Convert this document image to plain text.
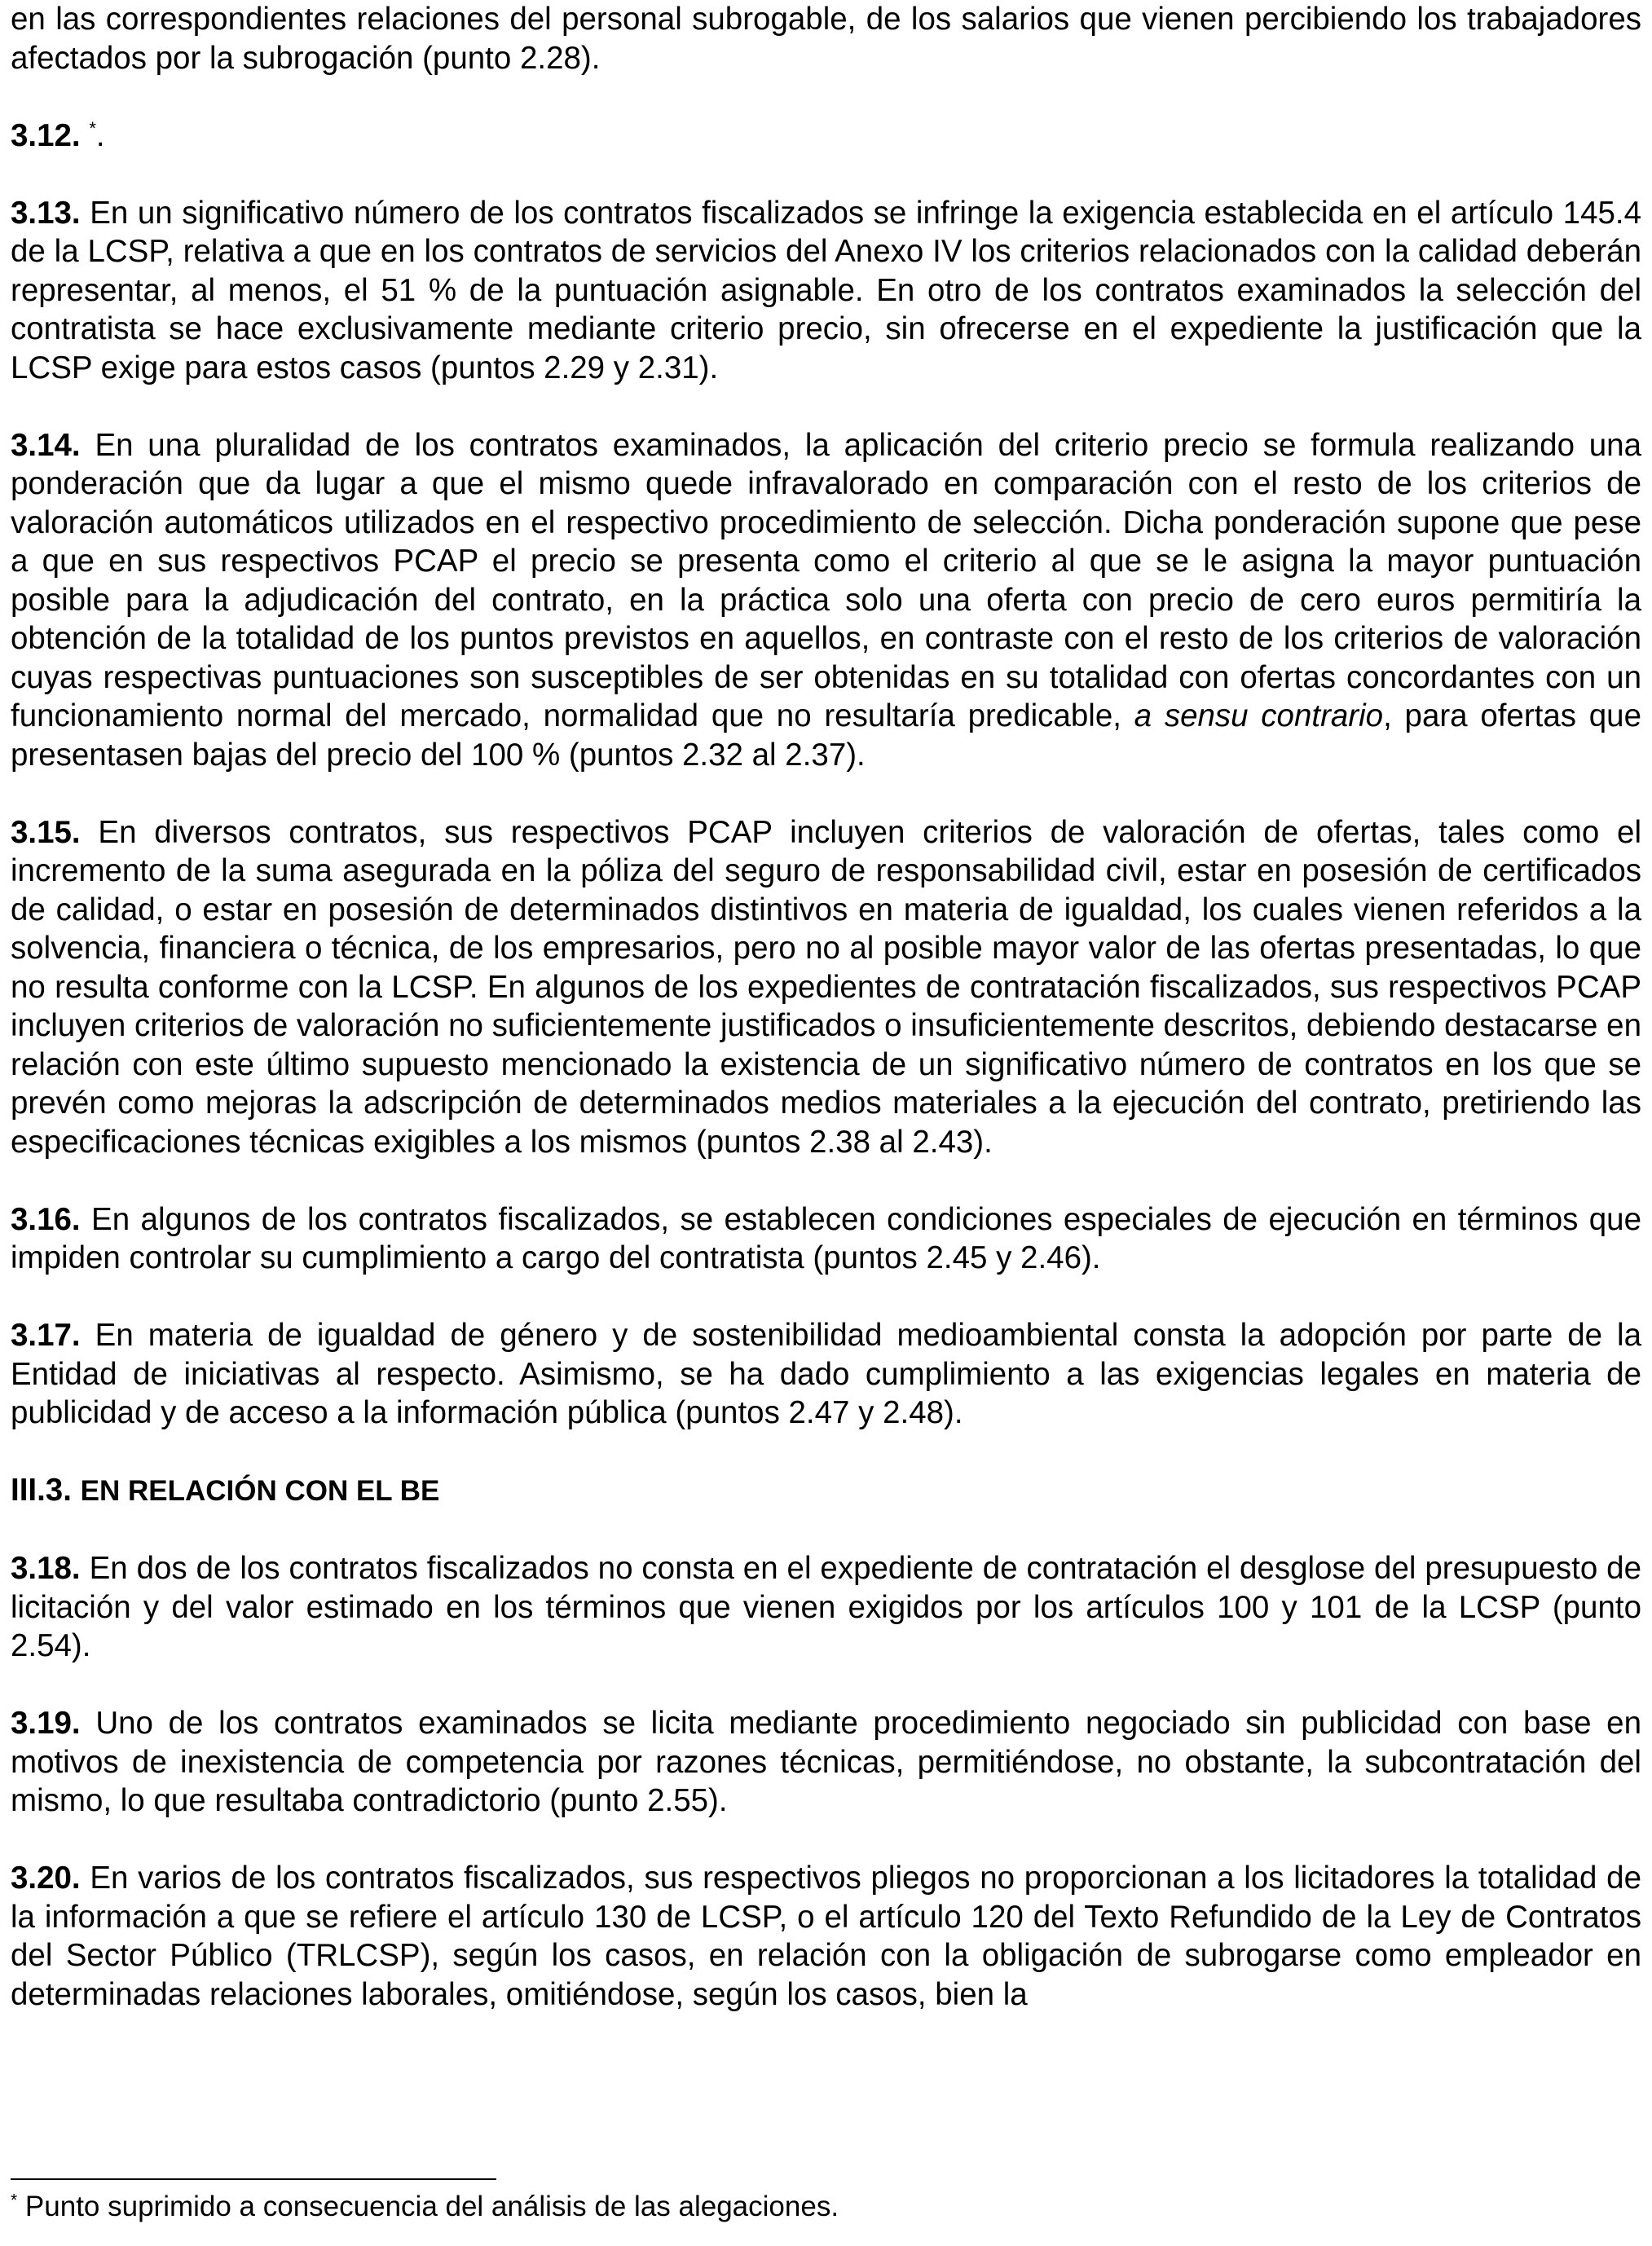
en las correspondientes relaciones del personal subrogable, de los salarios que vienen percibiendo los trabajadores afectados por la subrogación (punto 2.28).

3.12. *.

3.13. En un significativo número de los contratos fiscalizados se infringe la exigencia establecida en el artículo 145.4 de la LCSP, relativa a que en los contratos de servicios del Anexo IV los criterios relacionados con la calidad deberán representar, al menos, el 51 % de la puntuación asignable. En otro de los contratos examinados la selección del contratista se hace exclusivamente mediante criterio precio, sin ofrecerse en el expediente la justificación que la LCSP exige para estos casos (puntos 2.29 y 2.31).

3.14. En una pluralidad de los contratos examinados, la aplicación del criterio precio se formula realizando una ponderación que da lugar a que el mismo quede infravalorado en comparación con el resto de los criterios de valoración automáticos utilizados en el respectivo procedimiento de selección. Dicha ponderación supone que pese a que en sus respectivos PCAP el precio se presenta como el criterio al que se le asigna la mayor puntuación posible para la adjudicación del contrato, en la práctica solo una oferta con precio de cero euros permitiría la obtención de la totalidad de los puntos previstos en aquellos, en contraste con el resto de los criterios de valoración cuyas respectivas puntuaciones son susceptibles de ser obtenidas en su totalidad con ofertas concordantes con un funcionamiento normal del mercado, normalidad que no resultaría predicable, a sensu contrario, para ofertas que presentasen bajas del precio del 100 % (puntos 2.32 al 2.37).

3.15. En diversos contratos, sus respectivos PCAP incluyen criterios de valoración de ofertas, tales como el incremento de la suma asegurada en la póliza del seguro de responsabilidad civil, estar en posesión de certificados de calidad, o estar en posesión de determinados distintivos en materia de igualdad, los cuales vienen referidos a la solvencia, financiera o técnica, de los empresarios, pero no al posible mayor valor de las ofertas presentadas, lo que no resulta conforme con la LCSP. En algunos de los expedientes de contratación fiscalizados, sus respectivos PCAP incluyen criterios de valoración no suficientemente justificados o insuficientemente descritos, debiendo destacarse en relación con este último supuesto mencionado la existencia de un significativo número de contratos en los que se prevén como mejoras la adscripción de determinados medios materiales a la ejecución del contrato, pretiriendo las especificaciones técnicas exigibles a los mismos (puntos 2.38 al 2.43).

3.16. En algunos de los contratos fiscalizados, se establecen condiciones especiales de ejecución en términos que impiden controlar su cumplimiento a cargo del contratista (puntos 2.45 y 2.46).

3.17. En materia de igualdad de género y de sostenibilidad medioambiental consta la adopción por parte de la Entidad de iniciativas al respecto. Asimismo, se ha dado cumplimiento a las exigencias legales en materia de publicidad y de acceso a la información pública (puntos 2.47 y 2.48).

III.3. EN RELACIÓN CON EL BE

3.18. En dos de los contratos fiscalizados no consta en el expediente de contratación el desglose del presupuesto de licitación y del valor estimado en los términos que vienen exigidos por los artículos 100 y 101 de la LCSP (punto 2.54).

3.19. Uno de los contratos examinados se licita mediante procedimiento negociado sin publicidad con base en motivos de inexistencia de competencia por razones técnicas, permitiéndose, no obstante, la subcontratación del mismo, lo que resultaba contradictorio (punto 2.55).

3.20. En varios de los contratos fiscalizados, sus respectivos pliegos no proporcionan a los licitadores la totalidad de la información a que se refiere el artículo 130 de LCSP, o el artículo 120 del Texto Refundido de la Ley de Contratos del Sector Público (TRLCSP), según los casos, en relación con la obligación de subrogarse como empleador en determinadas relaciones laborales, omitiéndose, según los casos, bien la

* Punto suprimido a consecuencia del análisis de las alegaciones.
